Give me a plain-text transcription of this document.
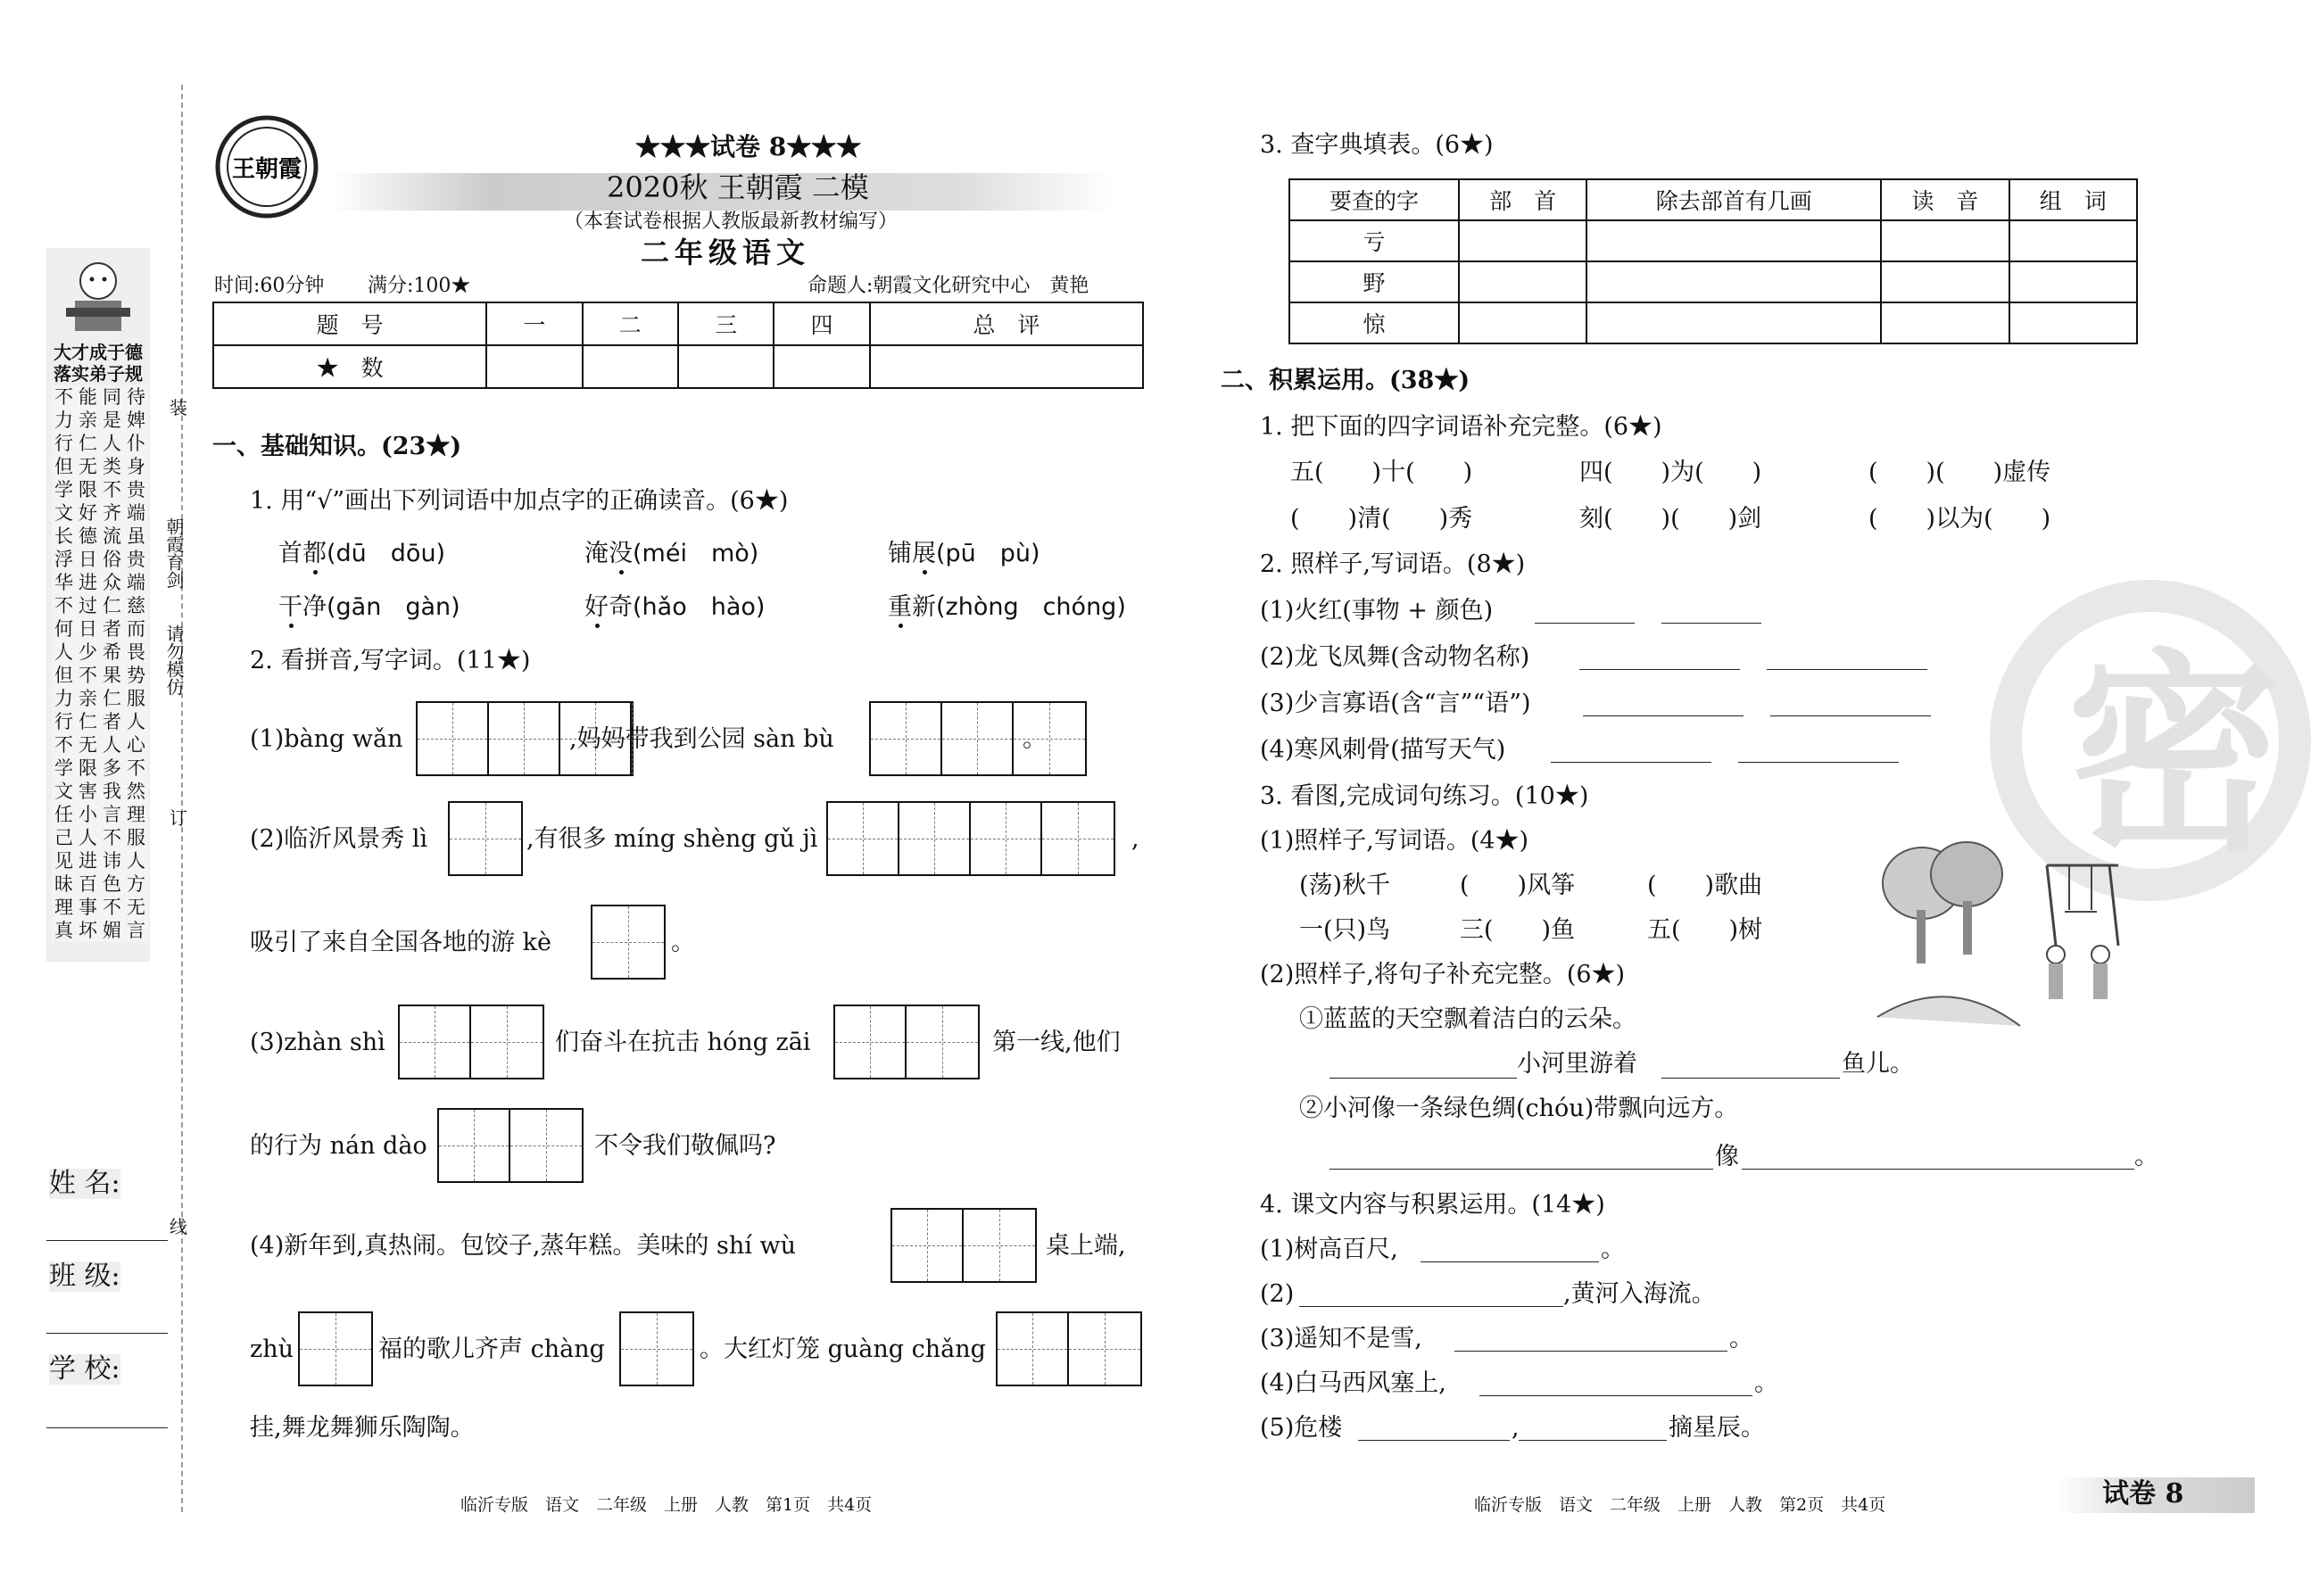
大才成于德
落实弟子规
不 能 同 待
力 亲 是 婢
行 仁 人 仆
但 无 类 身
学 限 不 贵
文 好 齐 端
长 德 流 虽
浮 日 俗 贵
华 进 众 端
不 过 仁 慈
何 日 者 而
人 少 希 畏
但 不 果 势
力 亲 仁 服
行 仁 者 人
不 无 人 心
学 限 多 不
文 害 我 然
任 小 言 理
己 人 不 服
见 进 讳 人
昧 百 色 方
理 事 不 无
真 坏 媚 言
朝霞育剑
请勿模仿
装
订
线
姓 名:
班 级:
学 校:
王朝霞
★★★试卷 8★★★
2020秋 王朝霞 二模
（本套试卷根据人教版最新教材编写）
二年级语文
时间:60分钟 满分:100★	命题人:朝霞文化研究中心　黄艳
题　号	一	二	三	四	总　评
★　数					
一、基础知识。(23★)
1. 用“√”画出下列词语中加点字的正确读音。(6★)
首都(dū　dōu)	淹没(méi　mò)	铺展(pū　pù)
干净(gān　gàn)	好奇(hǎo　hào)	重新(zhòng　chóng)
2. 看拼音,写字词。(11★)
(1)bàng wǎn	,妈妈带我到公园 sàn bù	。
(2)临沂风景秀 lì	,有很多 míng shèng gǔ jì	,
吸引了来自全国各地的游 kè	。
(3)zhàn shì	们奋斗在抗击 hóng zāi	第一线,他们
的行为 nán dào	不令我们敬佩吗?
(4)新年到,真热闹。包饺子,蒸年糕。美味的 shí wù	桌上端,
zhù	福的歌儿齐声 chàng	。大红灯笼 guàng chǎng
挂,舞龙舞狮乐陶陶。
临沂专版　语文　二年级　上册　人教　第1页　共4页
密
3. 查字典填表。(6★)
要查的字	部　首	除去部首有几画	读　音	组　词
亏				
野				
惊				
二、积累运用。(38★)
1. 把下面的四字词语补充完整。(6★)
五(　　)十(　　)	四(　　)为(　　)	(　　)(　　)虚传
(　　)清(　　)秀	刻(　　)(　　)剑	(　　)以为(　　)
2. 照样子,写词语。(8★)
(1)火红(事物 + 颜色)
(2)龙飞凤舞(含动物名称)
(3)少言寡语(含“言”“语”)
(4)寒风刺骨(描写天气)
3. 看图,完成词句练习。(10★)
(1)照样子,写词语。(4★)
(荡)秋千	(　　)风筝	(　　)歌曲
一(只)鸟	三(　　)鱼	五(　　)树
(2)照样子,将句子补充完整。(6★)
①蓝蓝的天空飘着洁白的云朵。
小河里游着	鱼儿。
②小河像一条绿色绸(chóu)带飘向远方。
像	。
4. 课文内容与积累运用。(14★)
(1)树高百尺,	。
(2)	,黄河入海流。
(3)遥知不是雪,	。
(4)白马西风塞上,	。
(5)危楼	,	摘星辰。
临沂专版　语文　二年级　上册　人教　第2页　共4页	试卷 8
